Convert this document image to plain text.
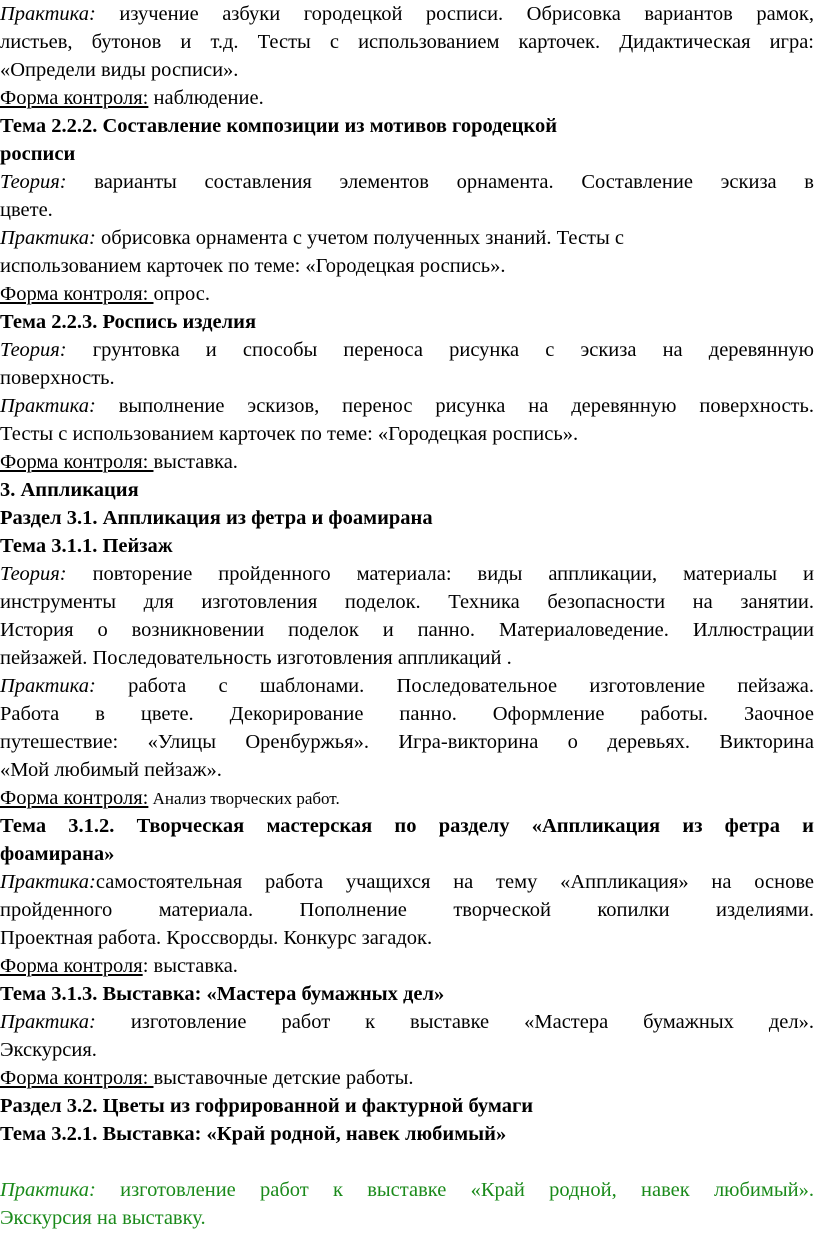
Практика: изучение азбуки городецкой росписи. Обрисовка вариантов рамок,
листьев, бутонов и т.д. Тесты с использованием карточек. Дидактическая игра:
«Определи виды росписи».
Форма контроля: наблюдение.
Тема 2.2.2. Составление композиции из мотивов городецкой
росписи
Теория: варианты составления элементов орнамента. Составление эскиза в
цвете.
Практика: обрисовка орнамента с учетом полученных знаний. Тесты с
использованием карточек по теме: «Городецкая роспись».
Форма контроля: опрос.
Тема 2.2.3. Роспись изделия
Теория: грунтовка и способы переноса рисунка с эскиза на деревянную
поверхность.
Практика: выполнение эскизов, перенос рисунка на деревянную поверхность.
Тесты с использованием карточек по теме: «Городецкая роспись».
Форма контроля: выставка.
3. Аппликация
Раздел 3.1. Аппликация из фетра и фоамирана
Тема 3.1.1. Пейзаж
Теория: повторение пройденного материала: виды аппликации, материалы и
инструменты для изготовления поделок. Техника безопасности на занятии.
История о возникновении поделок и панно. Материаловедение. Иллюстрации
пейзажей. Последовательность изготовления аппликаций .
Практика: работа с шаблонами. Последовательное изготовление пейзажа.
Работа в цвете. Декорирование панно. Оформление работы. Заочное
путешествие: «Улицы Оренбуржья». Игра-викторина о деревьях. Викторина
«Мой любимый пейзаж».
Форма контроля: Анализ творческих работ.
Тема 3.1.2. Творческая мастерская по разделу «Аппликация из фетра и
фоамирана»
Практика:самостоятельная работа учащихся на тему «Аппликация» на основе
пройденного материала. Пополнение творческой копилки изделиями.
Проектная работа. Кроссворды. Конкурс загадок.
Форма контроля: выставка.
Тема 3.1.3. Выставка: «Мастера бумажных дел»
Практика: изготовление работ к выставке «Мастера бумажных дел».
Экскурсия.
Форма контроля: выставочные детские работы.
Раздел 3.2. Цветы из гофрированной и фактурной бумаги
Тема 3.2.1. Выставка: «Край родной, навек любимый»
Практика: изготовление работ к выставке «Край родной, навек любимый».
Экскурсия на выставку.
